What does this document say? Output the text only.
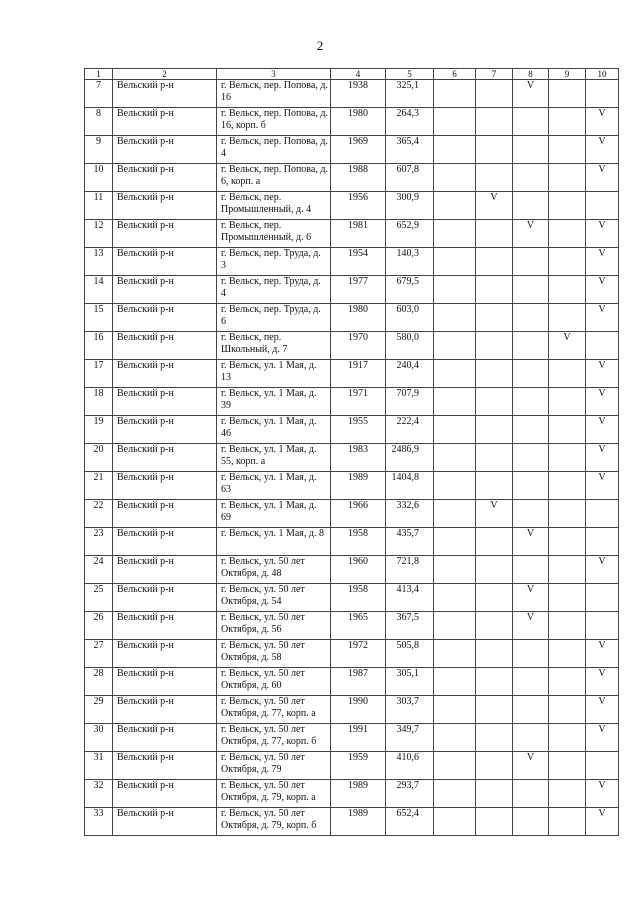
2
1	2	3	4	5	6	7	8	9	10
7	Вельский р-н	г. Вельск, пер. Попова, д. 16	1938	325,1			V		
8	Вельский р-н	г. Вельск, пер. Попова, д. 16, корп. б	1980	264,3					V
9	Вельский р-н	г. Вельск, пер. Попова, д. 4	1969	365,4					V
10	Вельский р-н	г. Вельск, пер. Попова, д. 6, корп. а	1988	607,8					V
11	Вельский р-н	г. Вельск, пер. Промышленный, д. 4	1956	300,9		V			
12	Вельский р-н	г. Вельск, пер. Промышленный, д. 6	1981	652,9			V		V
13	Вельский р-н	г. Вельск, пер. Труда, д. 3	1954	140,3					V
14	Вельский р-н	г. Вельск, пер. Труда, д. 4	1977	679,5					V
15	Вельский р-н	г. Вельск, пер. Труда, д. 6	1980	603,0					V
16	Вельский р-н	г. Вельск, пер. Школьный, д. 7	1970	580,0				V	
17	Вельский р-н	г. Вельск, ул. 1 Мая, д. 13	1917	240,4					V
18	Вельский р-н	г. Вельск, ул. 1 Мая, д. 39	1971	707,9					V
19	Вельский р-н	г. Вельск, ул. 1 Мая, д. 46	1955	222,4					V
20	Вельский р-н	г. Вельск, ул. 1 Мая, д. 55, корп. а	1983	2486,9					V
21	Вельский р-н	г. Вельск, ул. 1 Мая, д. 63	1989	1404,8					V
22	Вельский р-н	г. Вельск, ул. 1 Мая, д. 69	1966	332,6		V			
23	Вельский р-н	г. Вельск, ул. 1 Мая, д. 8	1958	435,7			V		
24	Вельский р-н	г. Вельск, ул. 50 лет Октября, д. 48	1960	721,8					V
25	Вельский р-н	г. Вельск, ул. 50 лет Октября, д. 54	1958	413,4			V		
26	Вельский р-н	г. Вельск, ул. 50 лет Октября, д. 56	1965	367,5			V		
27	Вельский р-н	г. Вельск, ул. 50 лет Октября, д. 58	1972	505,8					V
28	Вельский р-н	г. Вельск, ул. 50 лет Октября, д. 60	1987	305,1					V
29	Вельский р-н	г. Вельск, ул. 50 лет Октября, д. 77, корп. а	1990	303,7					V
30	Вельский р-н	г. Вельск, ул. 50 лет Октября, д. 77, корп. б	1991	349,7					V
31	Вельский р-н	г. Вельск, ул. 50 лет Октября, д. 79	1959	410,6			V		
32	Вельский р-н	г. Вельск, ул. 50 лет Октября, д. 79, корп. а	1989	293,7					V
33	Вельский р-н	г. Вельск, ул. 50 лет Октября, д. 79, корп. б	1989	652,4					V
